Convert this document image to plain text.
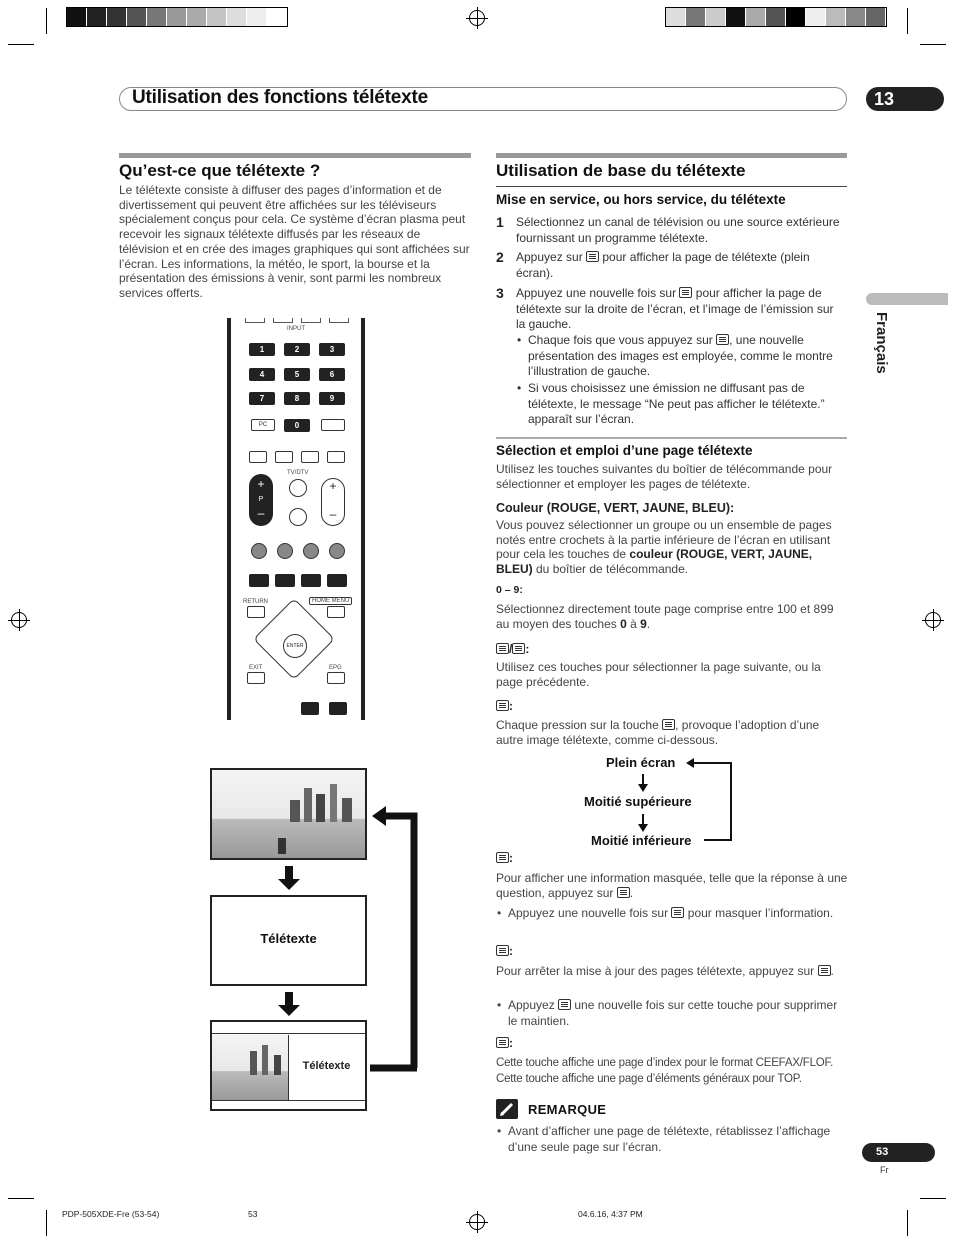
Utilisation des fonctions télétexte	13
Français
Qu’est-ce que télétexte ?
Le télétexte consiste à diffuser des pages d’information et de divertissement qui peuvent être affichées sur les téléviseurs spécialement conçus pour cela. Ce système d’écran plasma peut recevoir les signaux télétexte diffusés par les réseaux de télévision et en crée des images graphiques qui sont affichées sur l’écran. Les informations, la météo, le sport, la bourse et la présentation des émissions à venir, sont parmi les nombreux services offerts.
INPUT
1	2	3
4	5	6
7	8	9
PC	0
+
P
–
TV/DTV
+

–
RETURN	HOME MENU
ENTER
EXIT	EPG
Télétexte
Télétexte
Utilisation de base du télétexte
Mise en service, ou hors service, du télétexte
1 Sélectionnez un canal de télévision ou une source extérieure fournissant un programme télétexte.
2 Appuyez sur  pour afficher la page de télétexte (plein écran).
3 Appuyez une nouvelle fois sur  pour afficher la page de télétexte sur la droite de l’écran, et l’image de l’émission sur la gauche.
• Chaque fois que vous appuyez sur , une nouvelle présentation des images est employée, comme le montre l’illustration de gauche.
• Si vous choisissez une émission ne diffusant pas de télétexte, le message “Ne peut pas afficher le télétexte.” apparaît sur l’écran.
Sélection et emploi d’une page télétexte
Utilisez les touches suivantes du boîtier de télécommande pour sélectionner et employer les pages de télétexte.
Couleur (ROUGE, VERT, JAUNE, BLEU):
Vous pouvez sélectionner un groupe ou un ensemble de pages notés entre crochets à la partie inférieure de l’écran en utilisant pour cela les touches de couleur (ROUGE, VERT, JAUNE, BLEU) du boîtier de télécommande.
0 – 9:
Sélectionnez directement toute page comprise entre 100 et 899 au moyen des touches 0 à 9.
/ :
Utilisez ces touches pour sélectionner la page suivante, ou la page précédente.
:
Chaque pression sur la touche , provoque l’adoption d’une autre image télétexte, comme ci-dessous.
Plein écran
Moitié supérieure
Moitié inférieure
:
Pour afficher une information masquée, telle que la réponse à une question, appuyez sur .
• Appuyez une nouvelle fois sur  pour masquer l’information.
:
Pour arrêter la mise à jour des pages télétexte, appuyez sur .
• Appuyez  une nouvelle fois sur cette touche pour supprimer le maintien.
:
Cette touche affiche une page d’index pour le format CEEFAX/FLOF.
Cette touche affiche une page d’éléments généraux pour TOP.
REMARQUE
• Avant d’afficher une page de télétexte, rétablissez l’affichage d’une seule page sur l’écran.	53
Fr
PDP-505XDE-Fre (53-54)	53	04.6.16, 4:37 PM
